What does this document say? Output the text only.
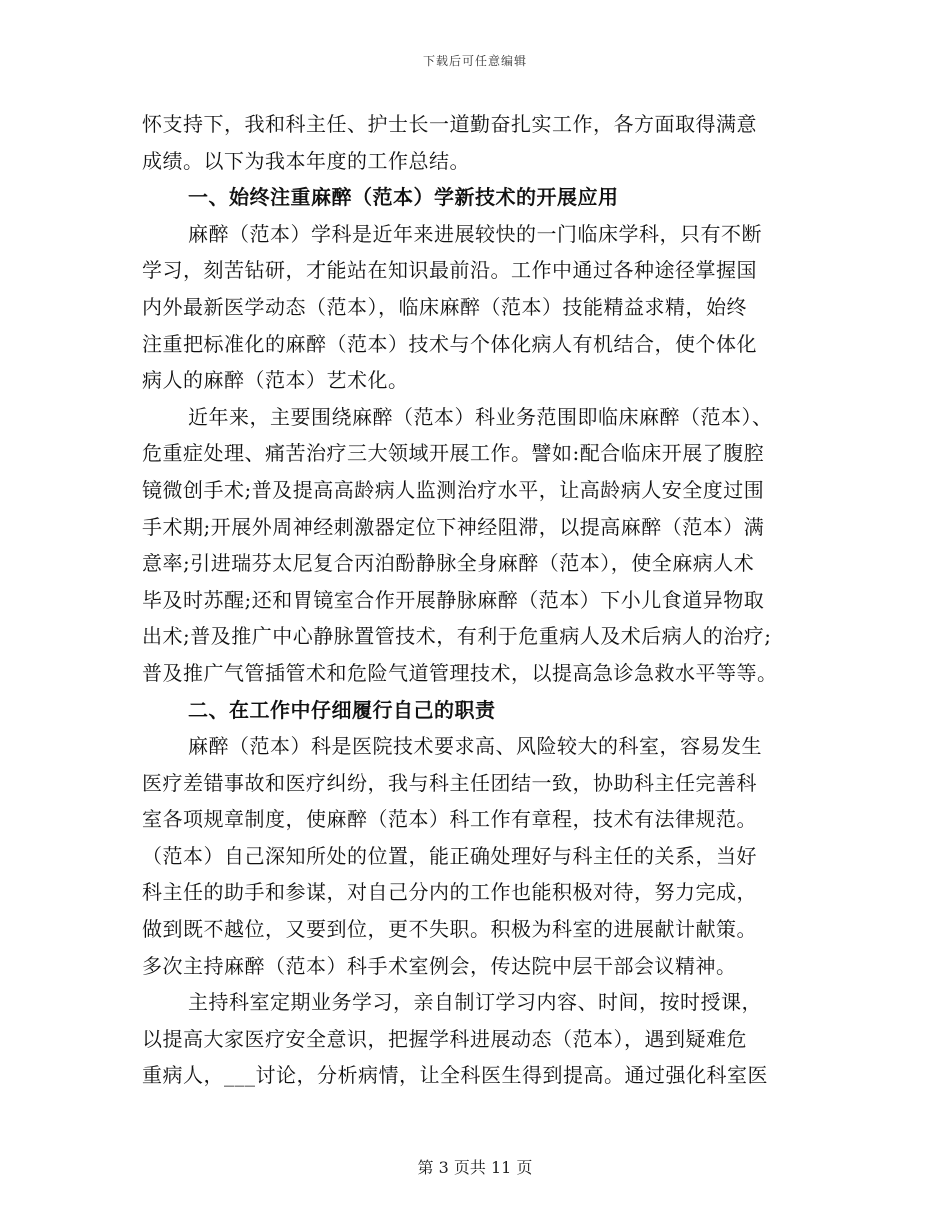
下载后可任意编辑
怀支持下，我和科主任、护士长一道勤奋扎实工作，各方面取得满意
成绩。以下为我本年度的工作总结。
一、始终注重麻醉（范本）学新技术的开展应用
麻醉（范本）学科是近年来进展较快的一门临床学科，只有不断
学习，刻苦钻研，才能站在知识最前沿。工作中通过各种途径掌握国
内外最新医学动态（范本），临床麻醉（范本）技能精益求精，始终
注重把标准化的麻醉（范本）技术与个体化病人有机结合，使个体化
病人的麻醉（范本）艺术化。
近年来，主要围绕麻醉（范本）科业务范围即临床麻醉（范本）、
危重症处理、痛苦治疗三大领域开展工作。譬如:配合临床开展了腹腔
镜微创手术;普及提高高龄病人监测治疗水平，让高龄病人安全度过围
手术期;开展外周神经刺激器定位下神经阻滞，以提高麻醉（范本）满
意率;引进瑞芬太尼复合丙泊酚静脉全身麻醉（范本），使全麻病人术
毕及时苏醒;还和胃镜室合作开展静脉麻醉（范本）下小儿食道异物取
出术;普及推广中心静脉置管技术，有利于危重病人及术后病人的治疗;
普及推广气管插管术和危险气道管理技术，以提高急诊急救水平等等。
二、在工作中仔细履行自己的职责
麻醉（范本）科是医院技术要求高、风险较大的科室，容易发生
医疗差错事故和医疗纠纷，我与科主任团结一致，协助科主任完善科
室各项规章制度，使麻醉（范本）科工作有章程，技术有法律规范。
（范本）自己深知所处的位置，能正确处理好与科主任的关系，当好
科主任的助手和参谋，对自己分内的工作也能积极对待，努力完成，
做到既不越位，又要到位，更不失职。积极为科室的进展献计献策。
多次主持麻醉（范本）科手术室例会，传达院中层干部会议精神。
主持科室定期业务学习，亲自制订学习内容、时间，按时授课，
以提高大家医疗安全意识，把握学科进展动态（范本），遇到疑难危
重病人，___讨论，分析病情，让全科医生得到提高。通过强化科室医
第 3 页共 11 页
